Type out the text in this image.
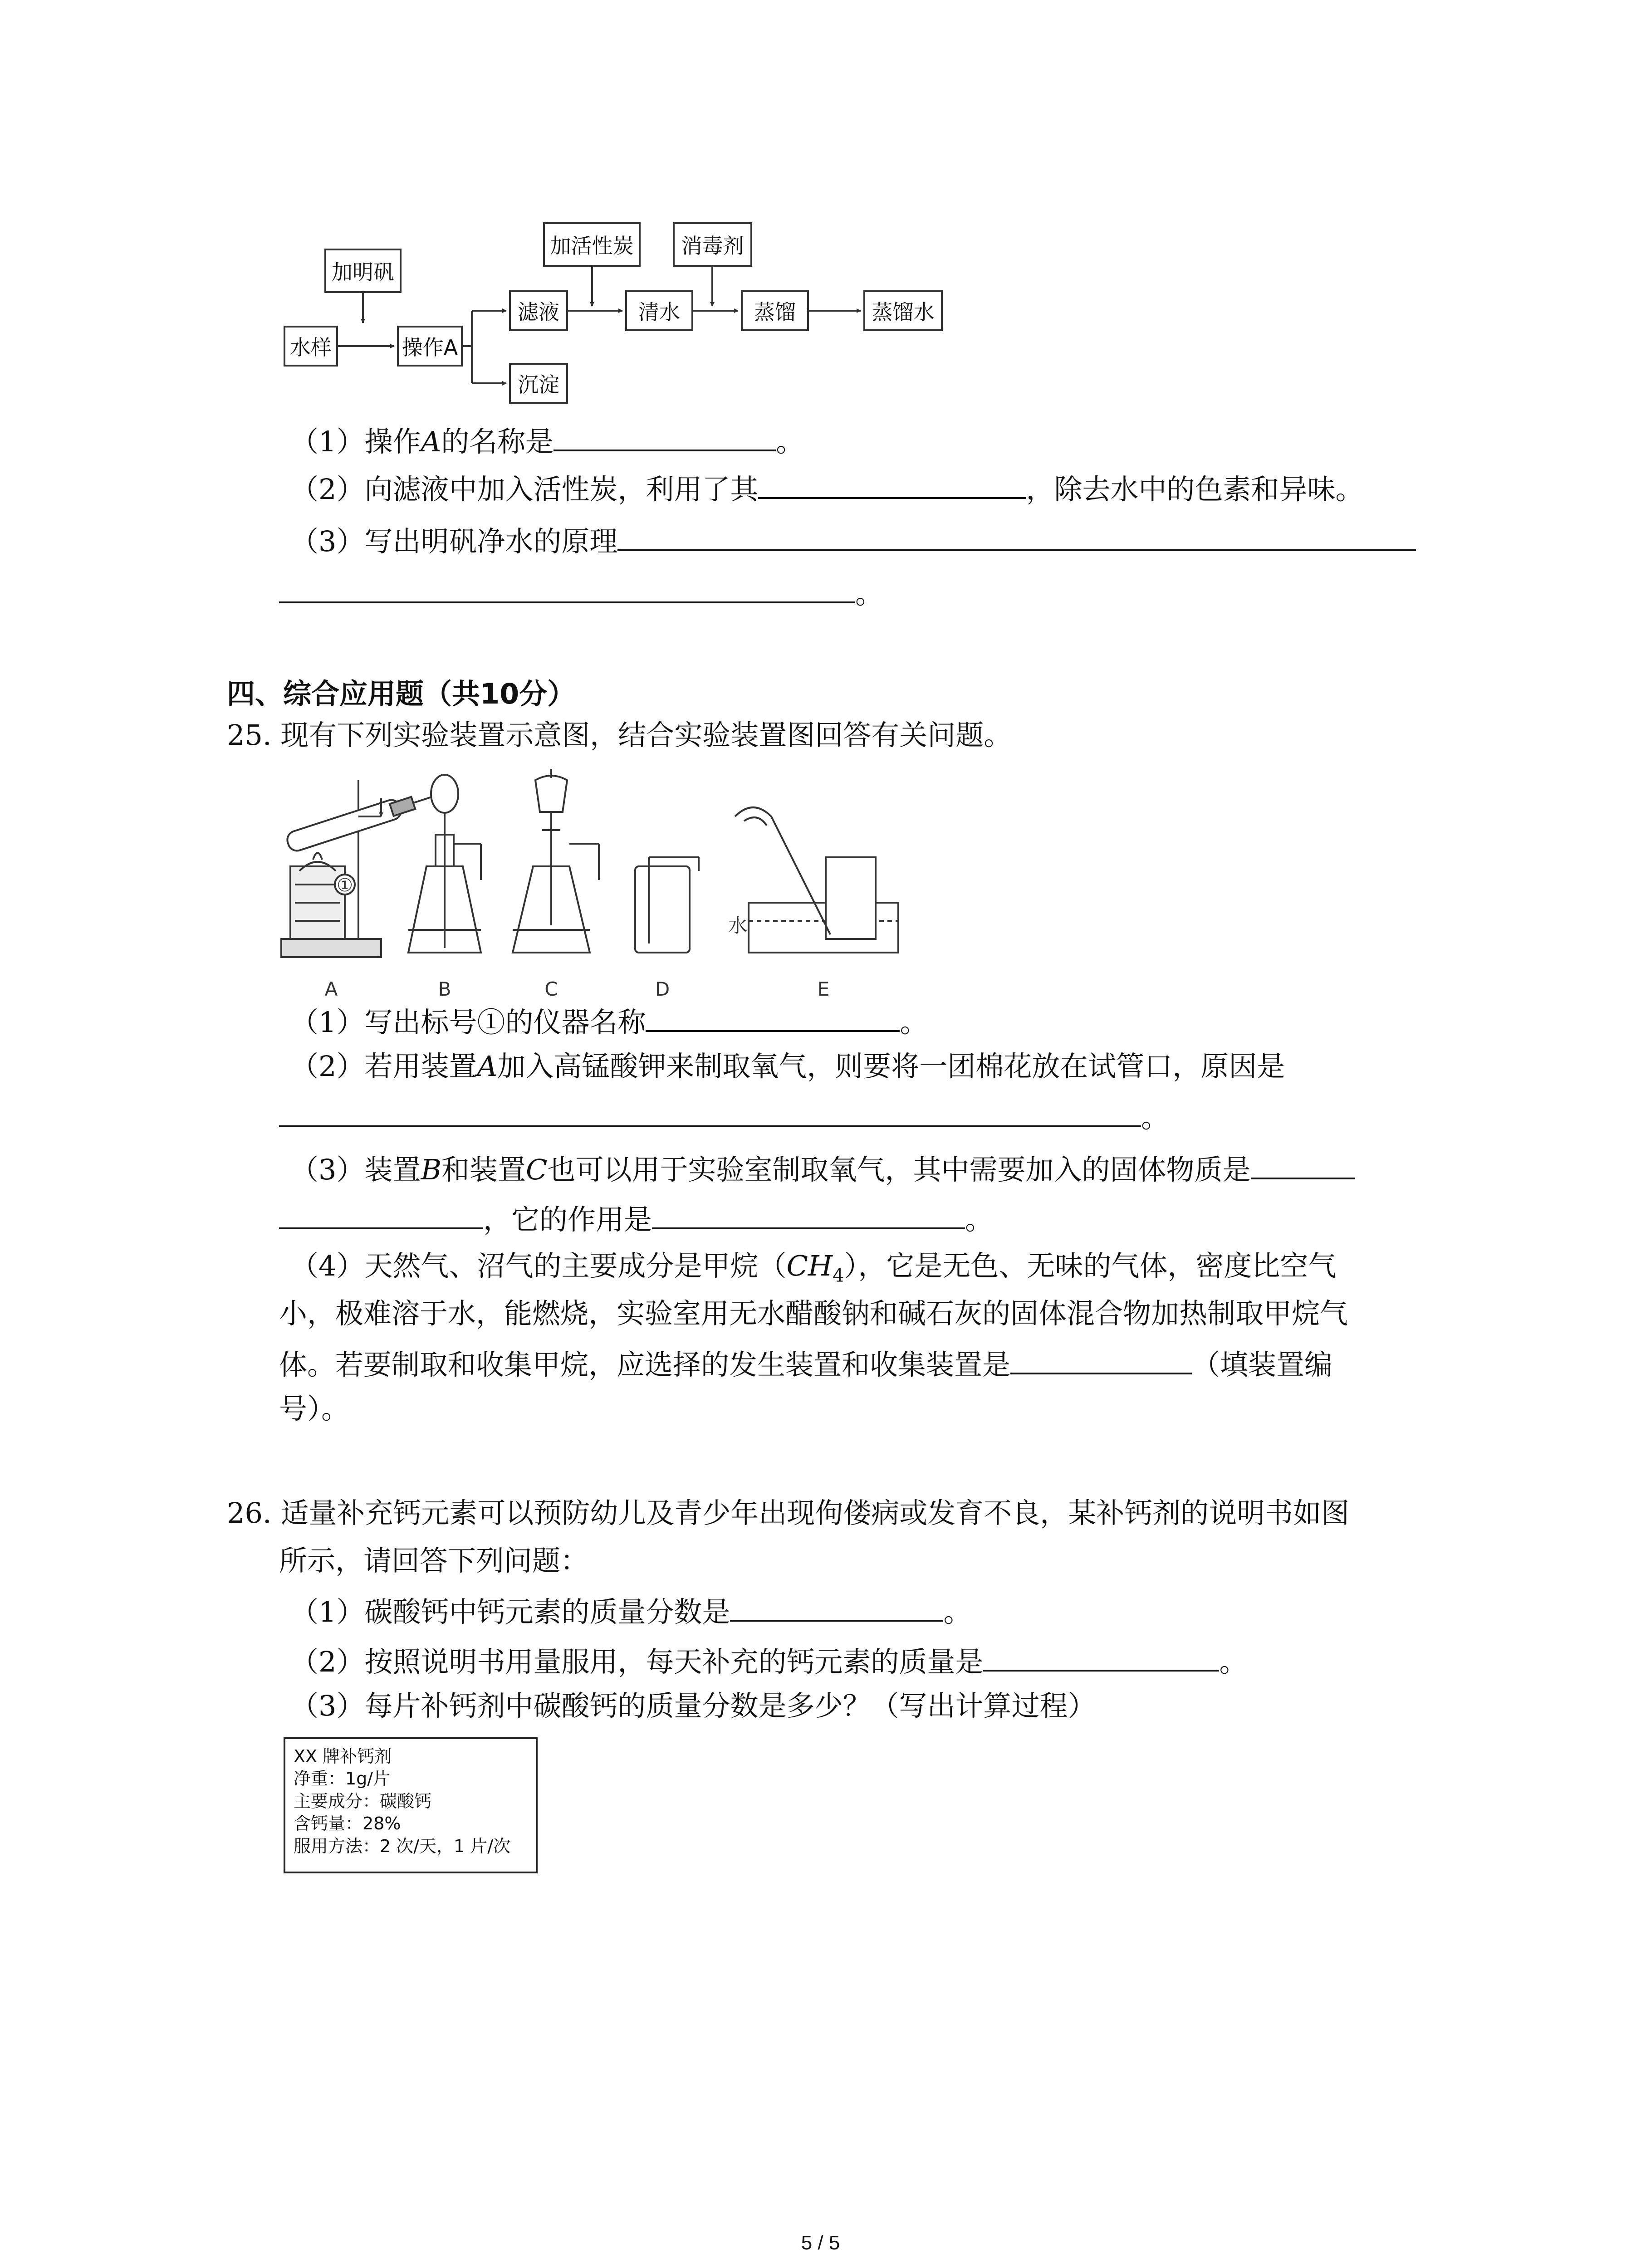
加明矾
水样	操作A
滤液
沉淀
加活性炭
清水
消毒剂
蒸馏	蒸馏水
（1）操作A的名称是	。
（2）向滤液中加入活性炭，利用了其	，除去水中的色素和异味。
（3）写出明矾净水的原理
。
四、综合应用题（共10分）
25. 现有下列实验装置示意图，结合实验装置图回答有关问题。
A	B	C	D	E
①
水
（1）写出标号①的仪器名称	。
（2）若用装置A加入高锰酸钾来制取氧气，则要将一团棉花放在试管口，原因是
。
（3）装置B和装置C也可以用于实验室制取氧气，其中需要加入的固体物质是
，它的作用是	。
（4）天然气、沼气的主要成分是甲烷$(CH_4)$，它是无色、无味的气体，密度比空气
小，极难溶于水，能燃烧，实验室用无水醋酸钠和碱石灰的固体混合物加热制取甲烷气
体。若要制取和收集甲烷，应选择的发生装置和收集装置是	（填装置编
号）。
26. 适量补充钙元素可以预防幼儿及青少年出现佝偻病或发育不良，某补钙剂的说明书如图
所示，请回答下列问题：
（1）碳酸钙中钙元素的质量分数是	。
（2）按照说明书用量服用，每天补充的钙元素的质量是	。
（3）每片补钙剂中碳酸钙的质量分数是多少？（写出计算过程）
XX 牌补钙剂
净重：1g/片
主要成分：碳酸钙
含钙量：28%
服用方法：2 次/天，1 片/次
5 / 5
